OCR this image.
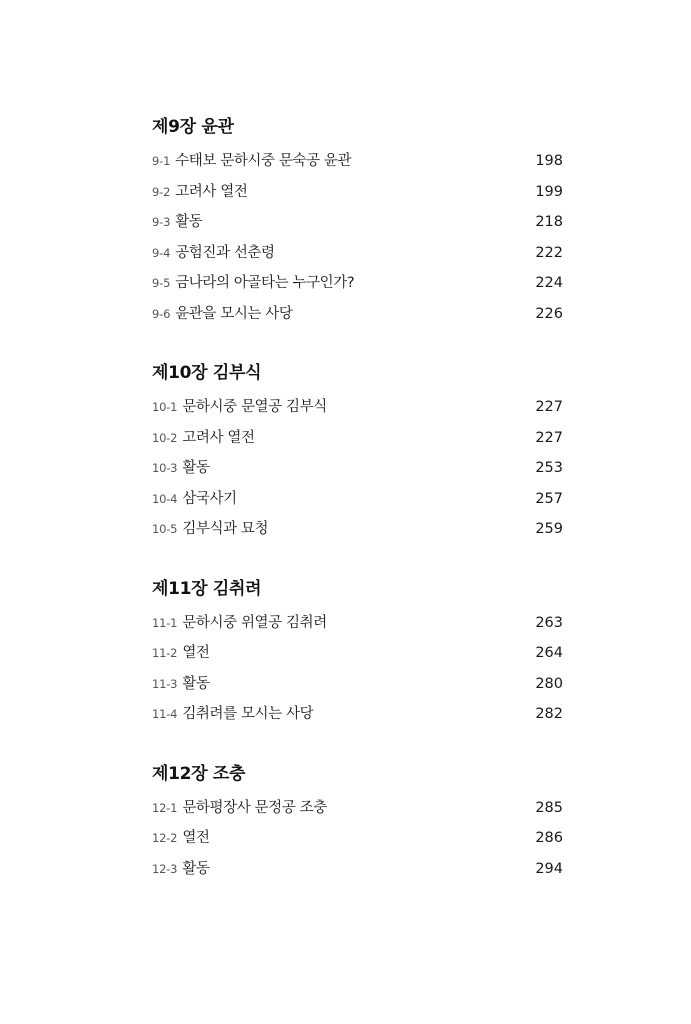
제9장 윤관
9-1 수태보 문하시중 문숙공 윤관	198
9-2 고려사 열전	199
9-3 활동	218
9-4 공험진과 선춘령	222
9-5 금나라의 아골타는 누구인가?	224
9-6 윤관을 모시는 사당	226
제10장 김부식
10-1 문하시중 문열공 김부식	227
10-2 고려사 열전	227
10-3 활동	253
10-4 삼국사기	257
10-5 김부식과 묘청	259
제11장 김취려
11-1 문하시중 위열공 김취려	263
11-2 열전	264
11-3 활동	280
11-4 김취려를 모시는 사당	282
제12장 조충
12-1 문하평장사 문정공 조충	285
12-2 열전	286
12-3 활동	294
